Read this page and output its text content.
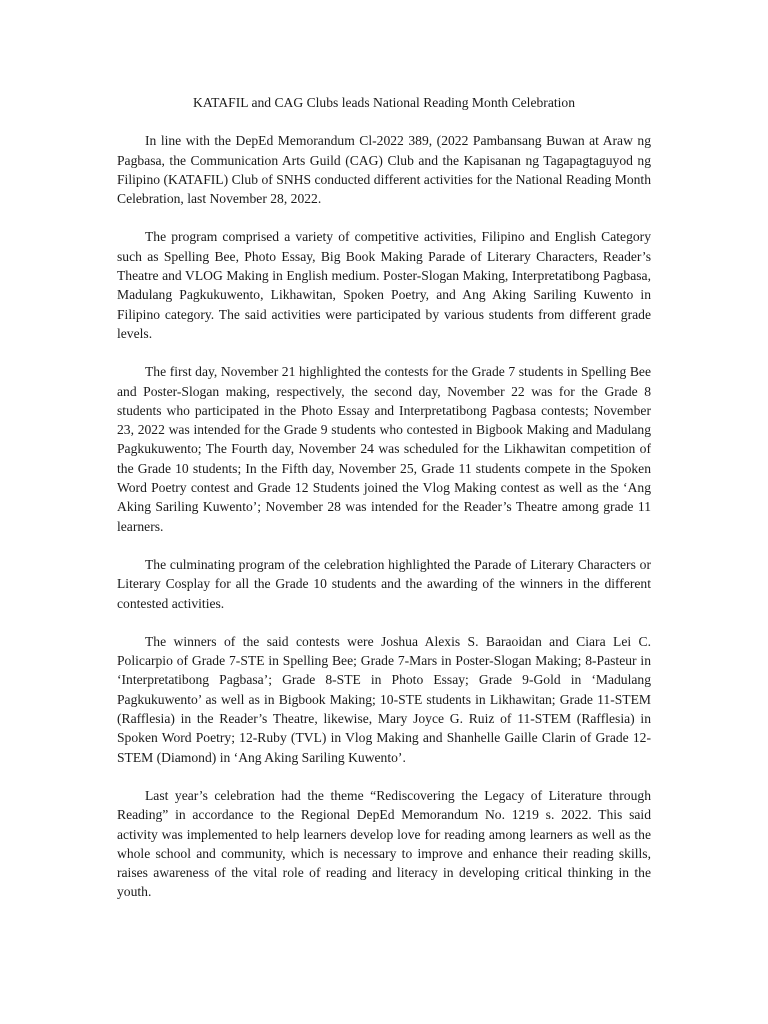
KATAFIL and CAG Clubs leads National Reading Month Celebration

In line with the DepEd Memorandum Cl-2022 389, (2022 Pambansang Buwan at Araw ng Pagbasa, the Communication Arts Guild (CAG) Club and the Kapisanan ng Tagapagtaguyod ng Filipino (KATAFIL) Club of SNHS conducted different activities for the National Reading Month Celebration, last November 28, 2022.

The program comprised a variety of competitive activities, Filipino and English Category such as Spelling Bee, Photo Essay, Big Book Making Parade of Literary Characters, Reader’s Theatre and VLOG Making in English medium. Poster-Slogan Making, Interpretatibong Pagbasa, Madulang Pagkukuwento, Likhawitan, Spoken Poetry, and Ang Aking Sariling Kuwento in Filipino category. The said activities were participated by various students from different grade levels.

The first day, November 21 highlighted the contests for the Grade 7 students in Spelling Bee and Poster-Slogan making, respectively, the second day, November 22 was for the Grade 8 students who participated in the Photo Essay and Interpretatibong Pagbasa contests; November 23, 2022 was intended for the Grade 9 students who contested in Bigbook Making and Madulang Pagkukuwento; The Fourth day, November 24 was scheduled for the Likhawitan competition of the Grade 10 students; In the Fifth day, November 25, Grade 11 students compete in the Spoken Word Poetry contest and Grade 12 Students joined the Vlog Making contest as well as the ‘Ang Aking Sariling Kuwento’; November 28 was intended for the Reader’s Theatre among grade 11 learners.

The culminating program of the celebration highlighted the Parade of Literary Characters or Literary Cosplay for all the Grade 10 students and the awarding of the winners in the different contested activities.

The winners of the said contests were Joshua Alexis S. Baraoidan and Ciara Lei C. Policarpio of Grade 7-STE in Spelling Bee; Grade 7-Mars in Poster-Slogan Making; 8-Pasteur in ‘Interpretatibong Pagbasa’; Grade 8-STE in Photo Essay; Grade 9-Gold in ‘Madulang Pagkukuwento’ as well as in Bigbook Making; 10-STE students in Likhawitan; Grade 11-STEM (Rafflesia) in the Reader’s Theatre, likewise, Mary Joyce G. Ruiz of 11-STEM (Rafflesia) in Spoken Word Poetry; 12-Ruby (TVL) in Vlog Making and Shanhelle Gaille Clarin of Grade 12-STEM (Diamond) in ‘Ang Aking Sariling Kuwento’.

Last year’s celebration had the theme “Rediscovering the Legacy of Literature through Reading” in accordance to the Regional DepEd Memorandum No. 1219 s. 2022. This said activity was implemented to help learners develop love for reading among learners as well as the whole school and community, which is necessary to improve and enhance their reading skills, raises awareness of the vital role of reading and literacy in developing critical thinking in the youth.
